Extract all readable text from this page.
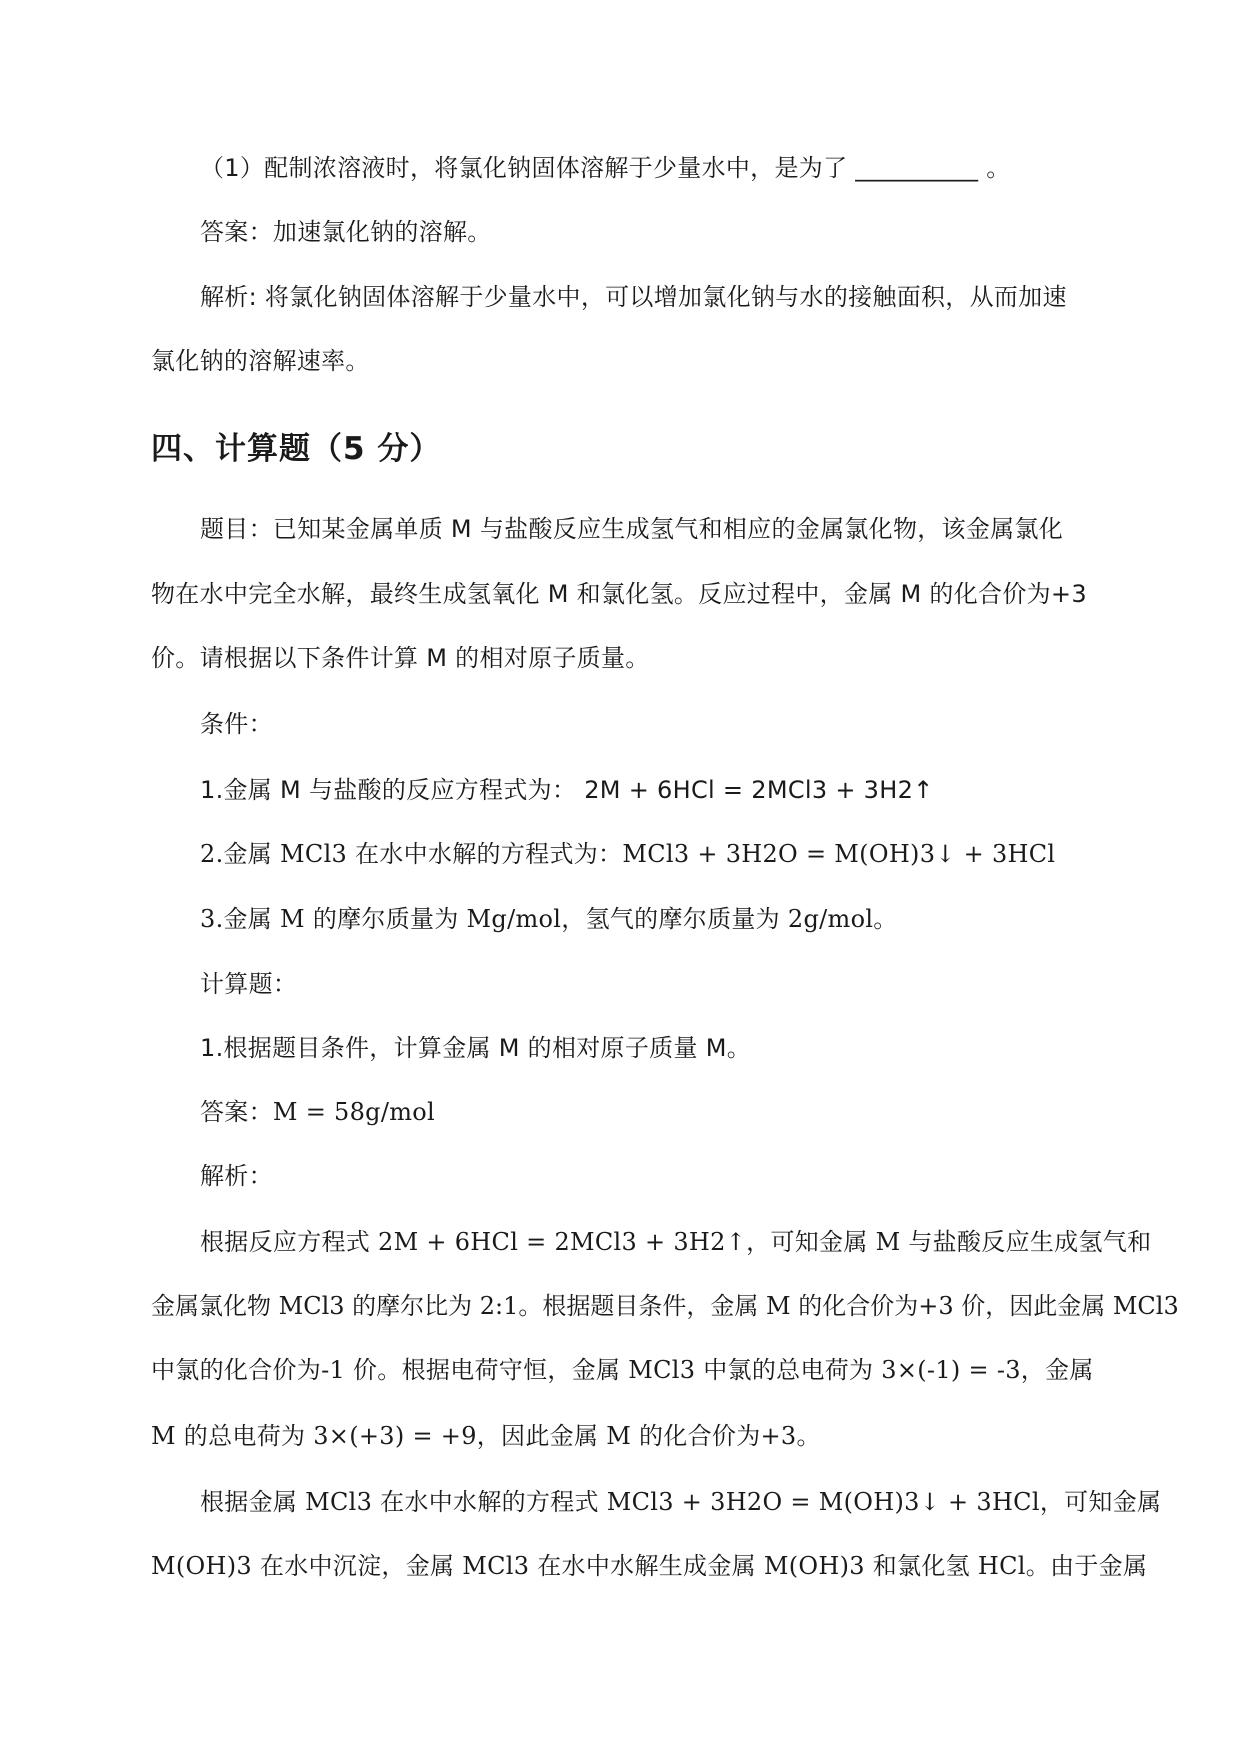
（1）配制浓溶液时，将氯化钠固体溶解于少量水中，是为了 __________ 。
答案：加速氯化钠的溶解。
解析: 将氯化钠固体溶解于少量水中，可以增加氯化钠与水的接触面积，从而加速
氯化钠的溶解速率。
四、计算题（5 分）
题目：已知某金属单质 M 与盐酸反应生成氢气和相应的金属氯化物，该金属氯化
物在水中完全水解，最终生成氢氧化 M 和氯化氢。反应过程中，金属 M 的化合价为+3
价。请根据以下条件计算 M 的相对原子质量。
条件：
1.金属 M 与盐酸的反应方程式为： 2M + 6HCl = 2MCl3 + 3H2↑
2.金属 MCl3 在水中水解的方程式为：MCl3 + 3H2O = M(OH)3↓ + 3HCl
3.金属 M 的摩尔质量为 Mg/mol，氢气的摩尔质量为 2g/mol。
计算题：
1.根据题目条件，计算金属 M 的相对原子质量 M。
答案：M = 58g/mol
解析：
根据反应方程式 2M + 6HCl = 2MCl3 + 3H2↑，可知金属 M 与盐酸反应生成氢气和
金属氯化物 MCl3 的摩尔比为 2:1。根据题目条件，金属 M 的化合价为+3 价，因此金属 MCl3
中氯的化合价为-1 价。根据电荷守恒，金属 MCl3 中氯的总电荷为 3×(-1) = -3，金属
M 的总电荷为 3×(+3) = +9，因此金属 M 的化合价为+3。
根据金属 MCl3 在水中水解的方程式 MCl3 + 3H2O = M(OH)3↓ + 3HCl，可知金属
M(OH)3 在水中沉淀，金属 MCl3 在水中水解生成金属 M(OH)3 和氯化氢 HCl。由于金属
